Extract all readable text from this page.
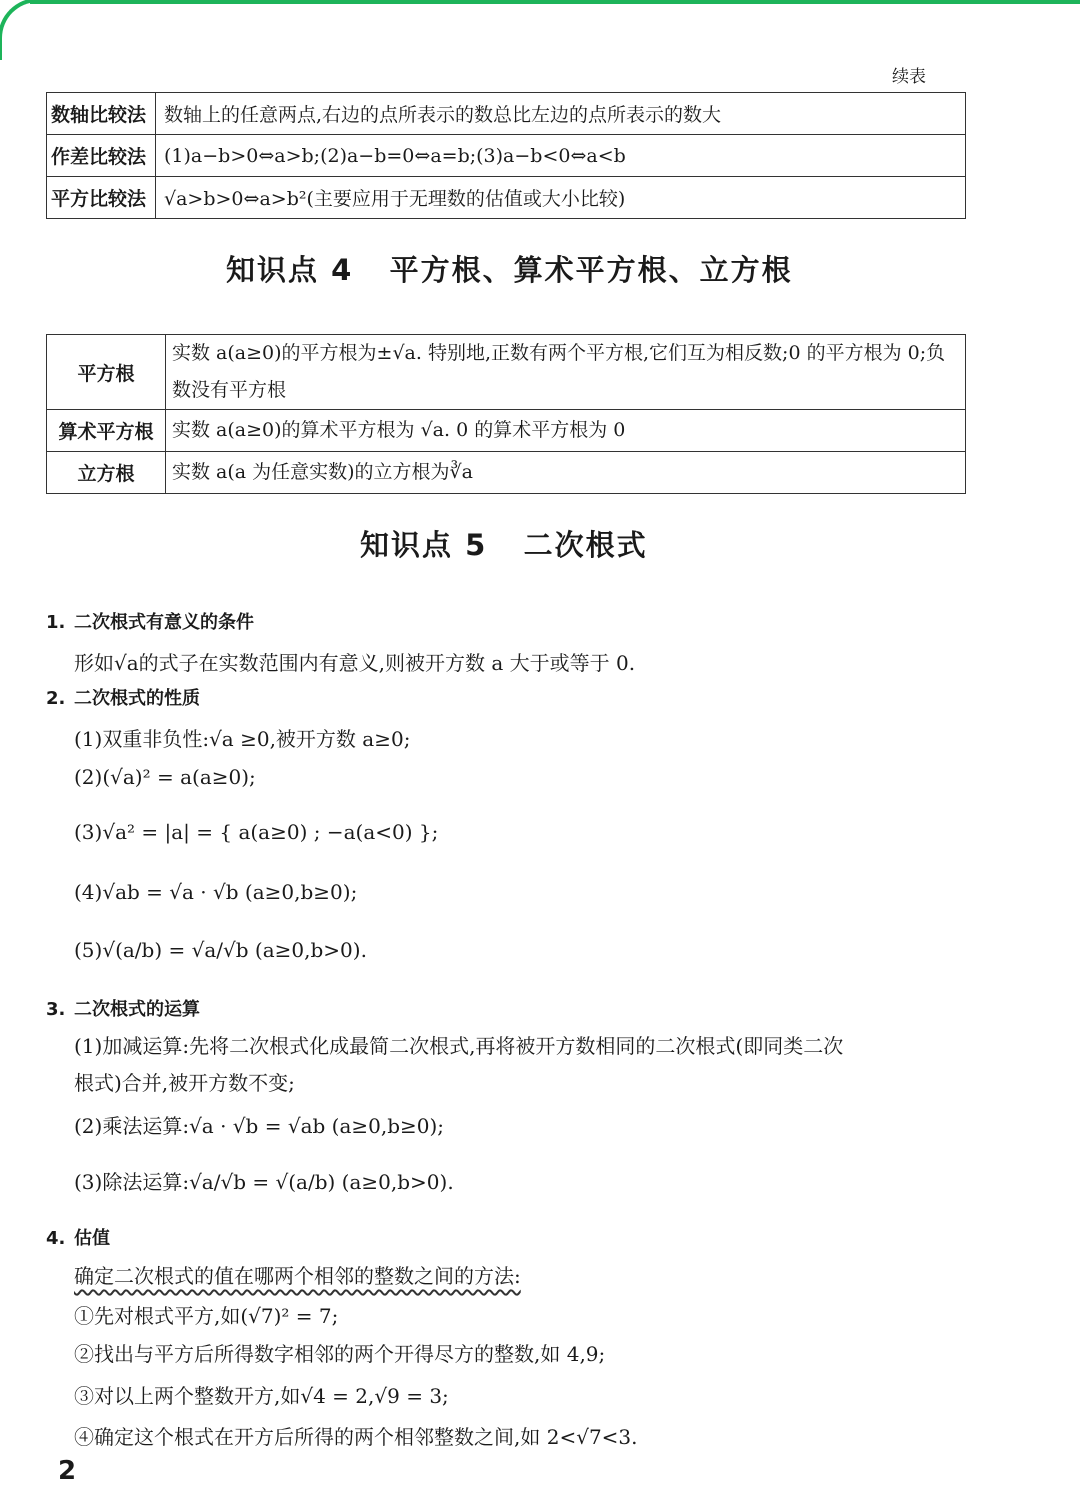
续表
数轴比较法	数轴上的任意两点,右边的点所表示的数总比左边的点所表示的数大
作差比较法	(1)a−b>0⇔a>b;(2)a−b=0⇔a=b;(3)a−b<0⇔a<b
平方比较法	√a>b>0⇔a>b²(主要应用于无理数的估值或大小比较)
知识点 4   平方根、算术平方根、立方根
平方根	实数 a(a≥0)的平方根为±√a. 特别地,正数有两个平方根,它们互为相反数;0 的平方根为 0;负数没有平方根
算术平方根	实数 a(a≥0)的算术平方根为 √a. 0 的算术平方根为 0
立方根	实数 a(a 为任意实数)的立方根为∛a
知识点 5   二次根式
1. 二次根式有意义的条件
形如√a的式子在实数范围内有意义,则被开方数 a 大于或等于 0.
2. 二次根式的性质
(1)双重非负性:√a ≥0,被开方数 a≥0;
(2)(√a)² = a(a≥0);
(3)√a² = |a| = { a(a≥0) ; −a(a<0) };
(4)√ab = √a · √b (a≥0,b≥0);
(5)√(a/b) = √a/√b (a≥0,b>0).
3. 二次根式的运算
(1)加减运算:先将二次根式化成最简二次根式,再将被开方数相同的二次根式(即同类二次
根式)合并,被开方数不变;
(2)乘法运算:√a · √b = √ab (a≥0,b≥0);
(3)除法运算:√a/√b = √(a/b) (a≥0,b>0).
4. 估值
确定二次根式的值在哪两个相邻的整数之间的方法:
①先对根式平方,如(√7)² = 7;
②找出与平方后所得数字相邻的两个开得尽方的整数,如 4,9;
③对以上两个整数开方,如√4 = 2,√9 = 3;
④确定这个根式在开方后所得的两个相邻整数之间,如 2<√7<3.
2
